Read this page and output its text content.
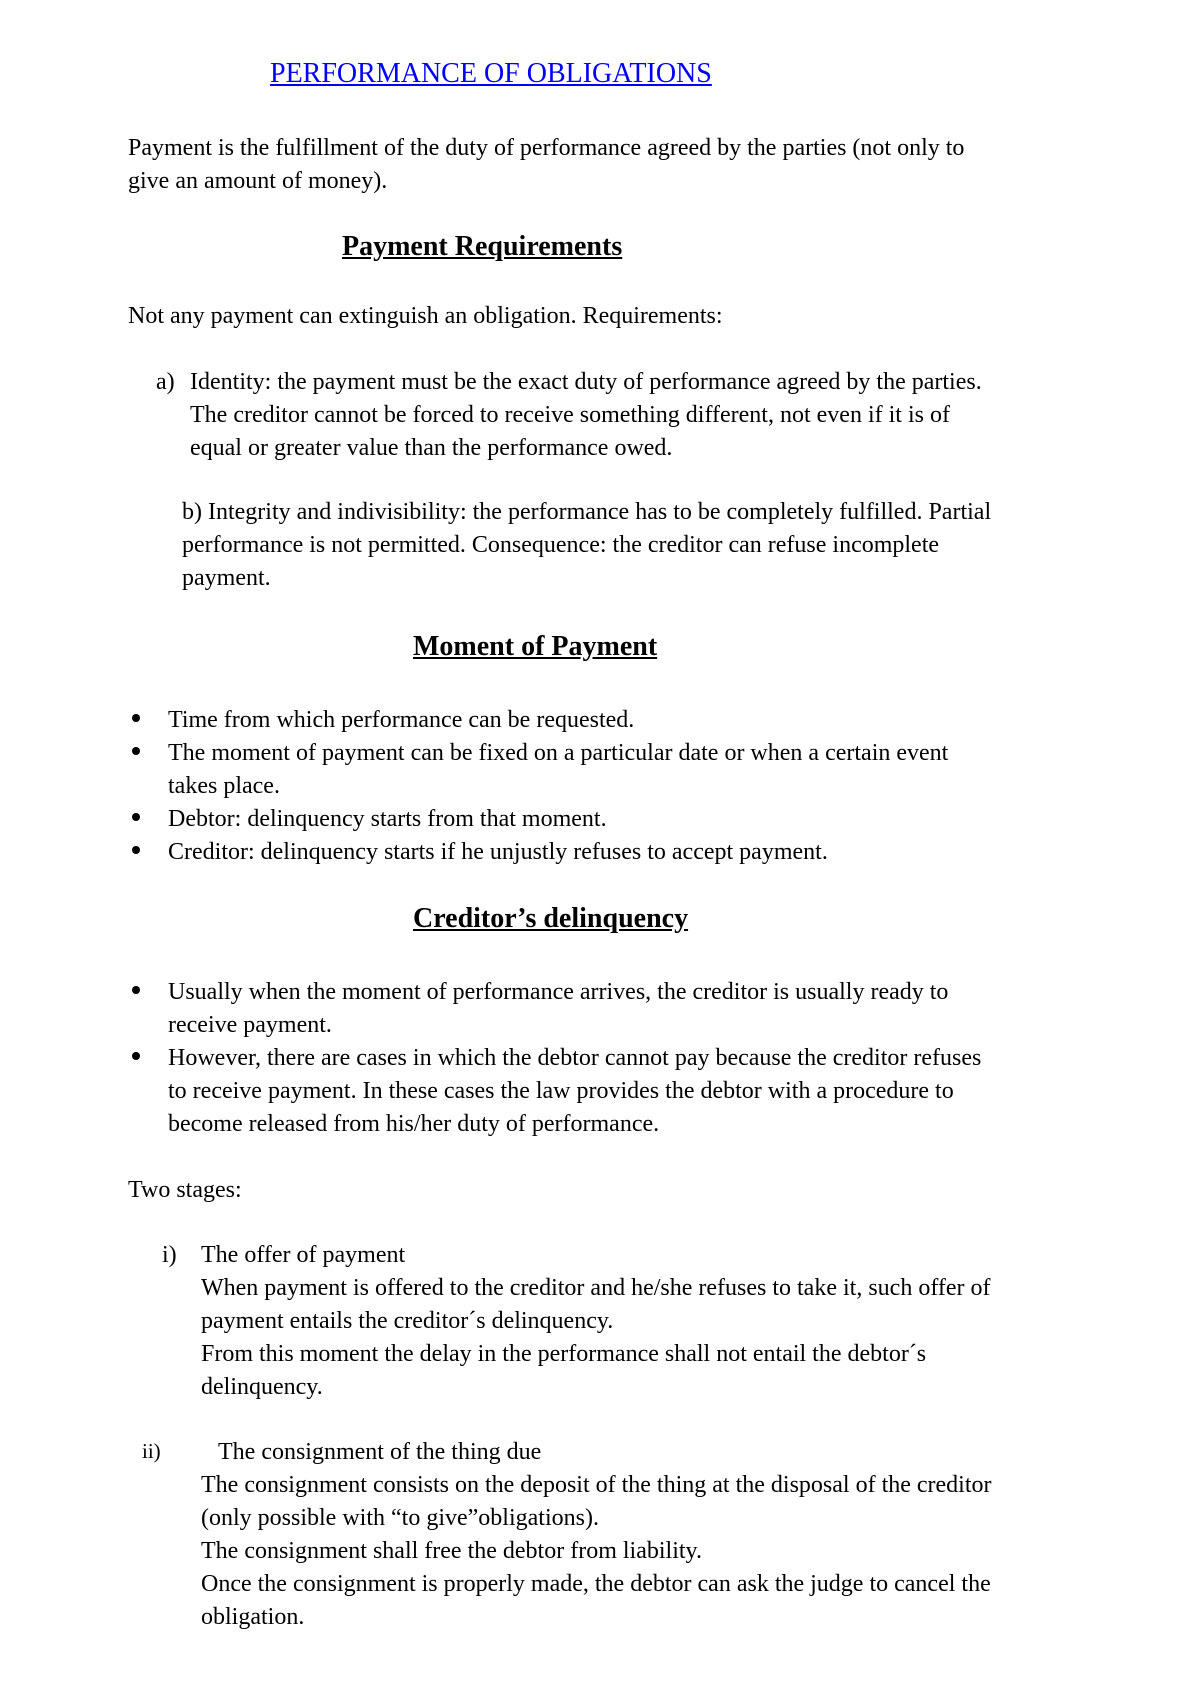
PERFORMANCE OF OBLIGATIONS
Payment is the fulfillment of the duty of performance agreed by the parties (not only to
give an amount of money).
Payment Requirements
Not any payment can extinguish an obligation. Requirements:
a) Identity: the payment must be the exact duty of performance agreed by the parties.
The creditor cannot be forced to receive something different, not even if it is of
equal or greater value than the performance owed.
b) Integrity and indivisibility: the performance has to be completely fulfilled. Partial
performance is not permitted. Consequence: the creditor can refuse incomplete
payment.
Moment of Payment
Time from which performance can be requested.
The moment of payment can be fixed on a particular date or when a certain event
takes place.
Debtor: delinquency starts from that moment.
Creditor: delinquency starts if he unjustly refuses to accept payment.
Creditor’s delinquency
Usually when the moment of performance arrives, the creditor is usually ready to
receive payment.
However, there are cases in which the debtor cannot pay because the creditor refuses
to receive payment. In these cases the law provides the debtor with a procedure to
become released from his/her duty of performance.
Two stages:
i) The offer of payment
When payment is offered to the creditor and he/she refuses to take it, such offer of
payment entails the creditor´s delinquency.
From this moment the delay in the performance shall not entail the debtor´s
delinquency.
ii) The consignment of the thing due
The consignment consists on the deposit of the thing at the disposal of the creditor
(only possible with “to give”obligations).
The consignment shall free the debtor from liability.
Once the consignment is properly made, the debtor can ask the judge to cancel the
obligation.
